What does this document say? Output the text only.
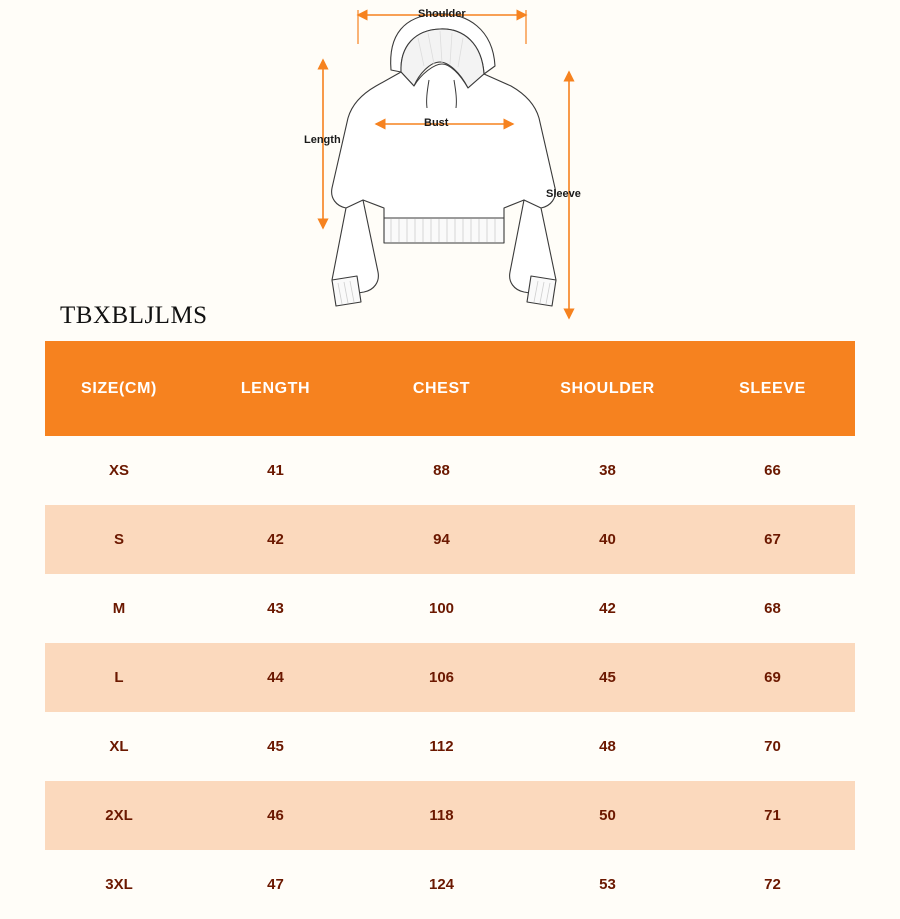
Shoulder
Bust
Length
Sleeve
TBXBLJLMS
SIZE(CM)	LENGTH	CHEST	SHOULDER	SLEEVE
XS	41	88	38	66
S	42	94	40	67
M	43	100	42	68
L	44	106	45	69
XL	45	112	48	70
2XL	46	118	50	71
3XL	47	124	53	72
